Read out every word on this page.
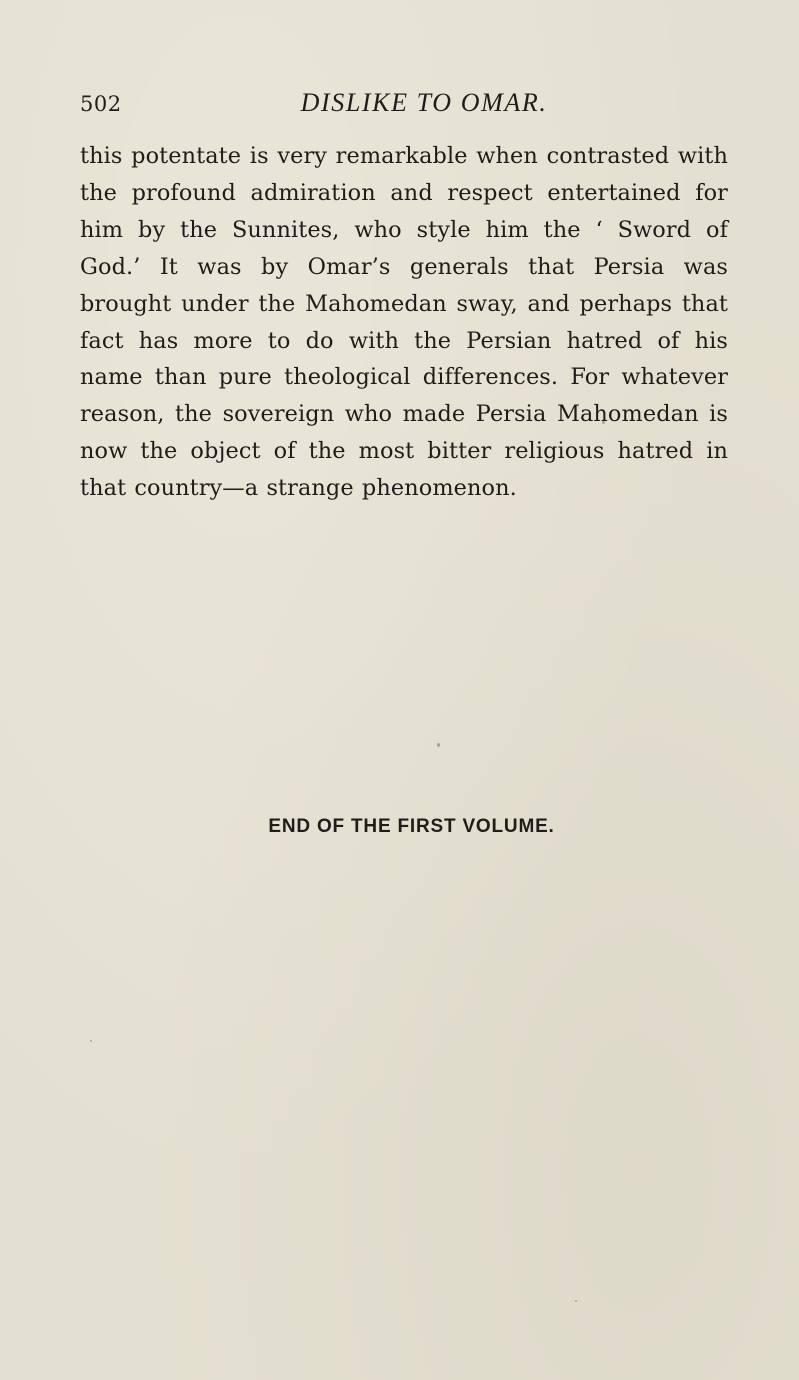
502	DISLIKE TO OMAR.

this potentate is very remarkable when contrasted with the profound admiration and respect entertained for him by the Sunnites, who style him the ‘ Sword of God.’ It was by Omar’s generals that Persia was brought under the Mahomedan sway, and perhaps that fact has more to do with the Persian hatred of his name than pure theological differences. For whatever reason, the sovereign who made Persia Mahomedan is now the object of the most bitter religious hatred in that country—a strange phenomenon.

END OF THE FIRST VOLUME.
